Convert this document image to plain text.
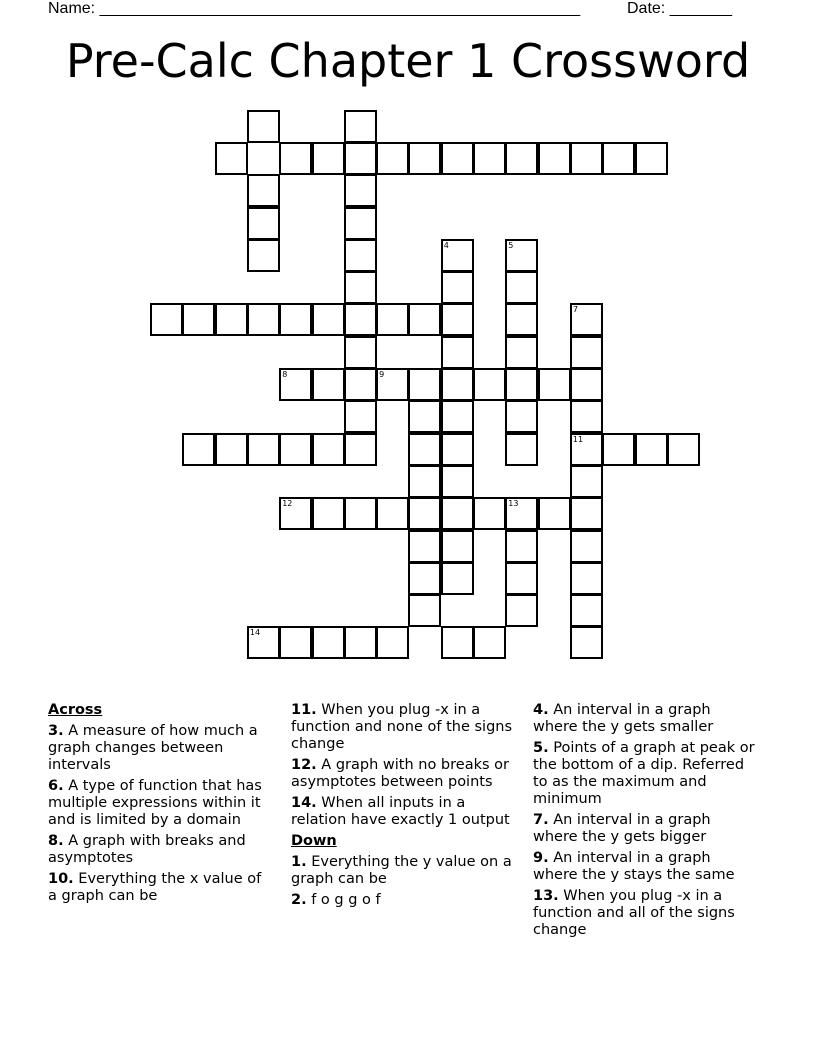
Name: ______________________________________________________	Date: _______
Pre-Calc Chapter 1 Crossword
4	5
7
11
8	9
12	13
14
Across
3. A measure of how much a graph changes between intervals
6. A type of function that has multiple expressions within it and is limited by a domain
8. A graph with breaks and asymptotes
10. Everything the x value of a graph can be
11. When you plug -x in a function and none of the signs change
12. A graph with no breaks or asymptotes between points
14. When all inputs in a relation have exactly 1 output
Down
1. Everything the y value on a graph can be
2. f o g g o f
4. An interval in a graph where the y gets smaller
5. Points of a graph at peak or the bottom of a dip. Referred to as the maximum and minimum
7. An interval in a graph where the y gets bigger
9. An interval in a graph where the y stays the same
13. When you plug -x in a function and all of the signs change
